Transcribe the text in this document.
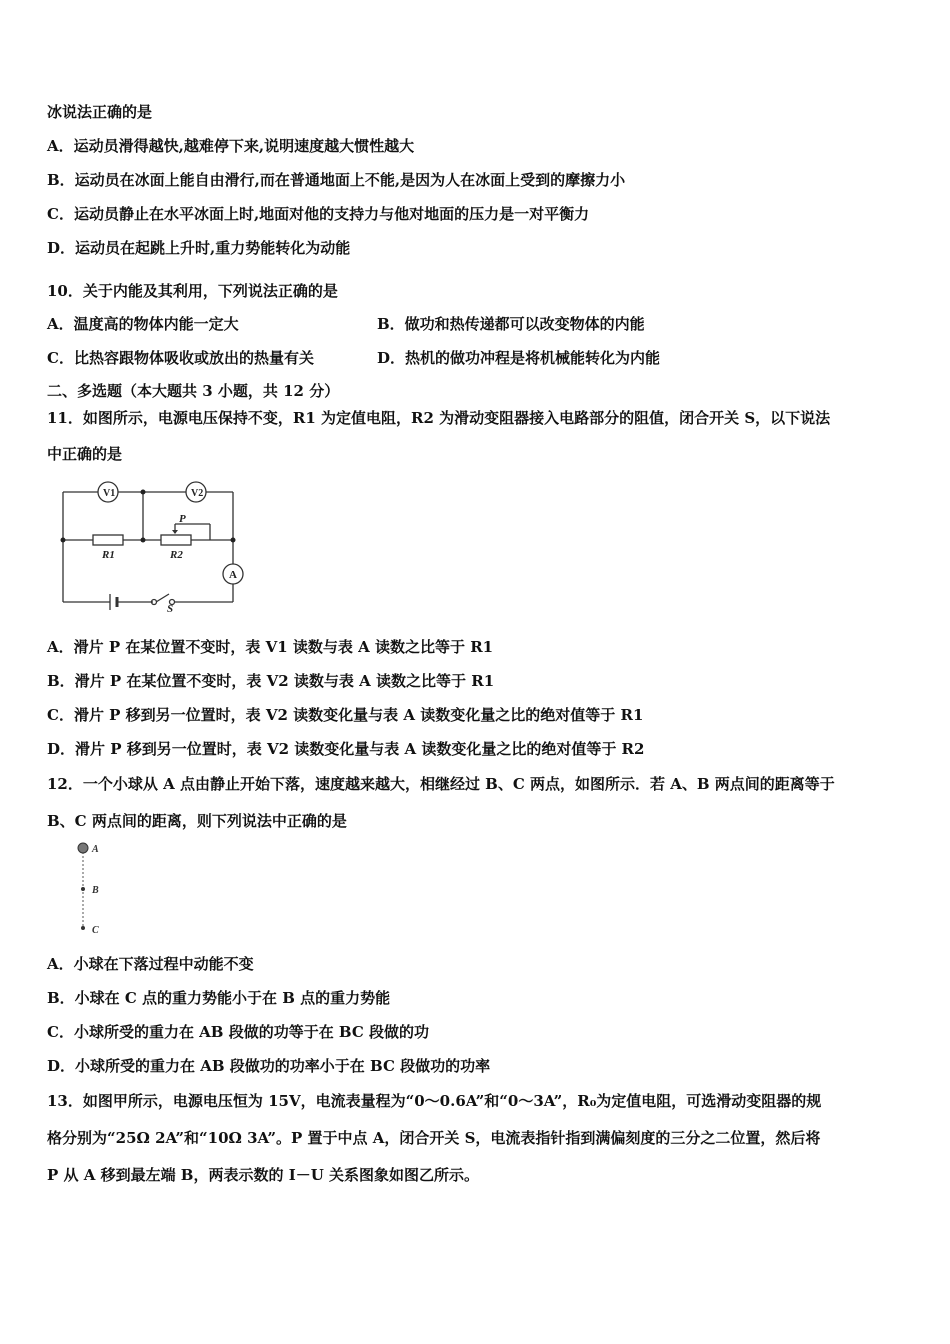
冰说法正确的是
A．运动员滑得越快,越难停下来,说明速度越大惯性越大
B．运动员在冰面上能自由滑行,而在普通地面上不能,是因为人在冰面上受到的摩擦力小
C．运动员静止在水平冰面上时,地面对他的支持力与他对地面的压力是一对平衡力
D．运动员在起跳上升时,重力势能转化为动能
10．关于内能及其利用，下列说法正确的是
A．温度高的物体内能一定大	B．做功和热传递都可以改变物体的内能
C．比热容跟物体吸收或放出的热量有关	D．热机的做功冲程是将机械能转化为内能
二、多选题（本大题共 3 小题，共 12 分）
11．如图所示，电源电压保持不变，R1 为定值电阻，R2 为滑动变阻器接入电路部分的阻值，闭合开关 S，以下说法
中正确的是
V1	V2
A
R1	R2
P
S
A．滑片 P 在某位置不变时，表 V1 读数与表 A 读数之比等于 R1
B．滑片 P 在某位置不变时，表 V2 读数与表 A 读数之比等于 R1
C．滑片 P 移到另一位置时，表 V2 读数变化量与表 A 读数变化量之比的绝对值等于 R1
D．滑片 P 移到另一位置时，表 V2 读数变化量与表 A 读数变化量之比的绝对值等于 R2
12．一个小球从 A 点由静止开始下落，速度越来越大，相继经过 B、C 两点，如图所示．若 A、B 两点间的距离等于
B、C 两点间的距离，则下列说法中正确的是
A
B
C
A．小球在下落过程中动能不变
B．小球在 C 点的重力势能小于在 B 点的重力势能
C．小球所受的重力在 AB 段做的功等于在 BC 段做的功
D．小球所受的重力在 AB 段做功的功率小于在 BC 段做功的功率
13．如图甲所示，电源电压恒为 15V，电流表量程为“0～0.6A”和“0～3A”，R₀为定值电阻，可选滑动变阻器的规
格分别为“25Ω 2A”和“10Ω 3A”。P 置于中点 A，闭合开关 S，电流表指针指到满偏刻度的三分之二位置，然后将
P 从 A 移到最左端 B，两表示数的 I－U 关系图象如图乙所示。
